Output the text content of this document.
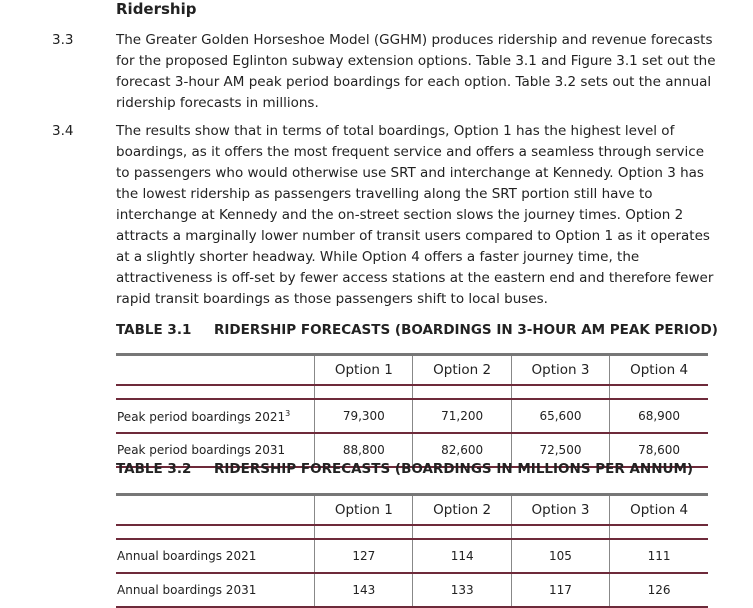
Ridership
3.3	The Greater Golden Horseshoe Model (GGHM) produces ridership and revenue forecasts for the proposed Eglinton subway extension options. Table 3.1 and Figure 3.1 set out the forecast 3-hour AM peak period boardings for each option. Table 3.2 sets out the annual ridership forecasts in millions.
3.4	The results show that in terms of total boardings, Option 1 has the highest level of boardings, as it offers the most frequent service and offers a seamless through service to passengers who would otherwise use SRT and interchange at Kennedy. Option 3 has the lowest ridership as passengers travelling along the SRT portion still have to interchange at Kennedy and the on-street section slows the journey times. Option 2 attracts a marginally lower number of transit users compared to Option 1 as it operates at a slightly shorter headway. While Option 4 offers a faster journey time, the attractiveness is off-set by fewer access stations at the eastern end and therefore fewer rapid transit boardings as those passengers shift to local buses.
TABLE 3.1 RIDERSHIP FORECASTS (BOARDINGS IN 3-HOUR AM PEAK PERIOD)
	Option 1	Option 2	Option 3	Option 4

Peak period boardings 2021$^3$	79,300	71,200	65,600	68,900
Peak period boardings 2031	88,800	82,600	72,500	78,600
TABLE 3.2 RIDERSHIP FORECASTS (BOARDINGS IN MILLIONS PER ANNUM)
	Option 1	Option 2	Option 3	Option 4

Annual boardings 2021	127	114	105	111
Annual boardings 2031	143	133	117	126
